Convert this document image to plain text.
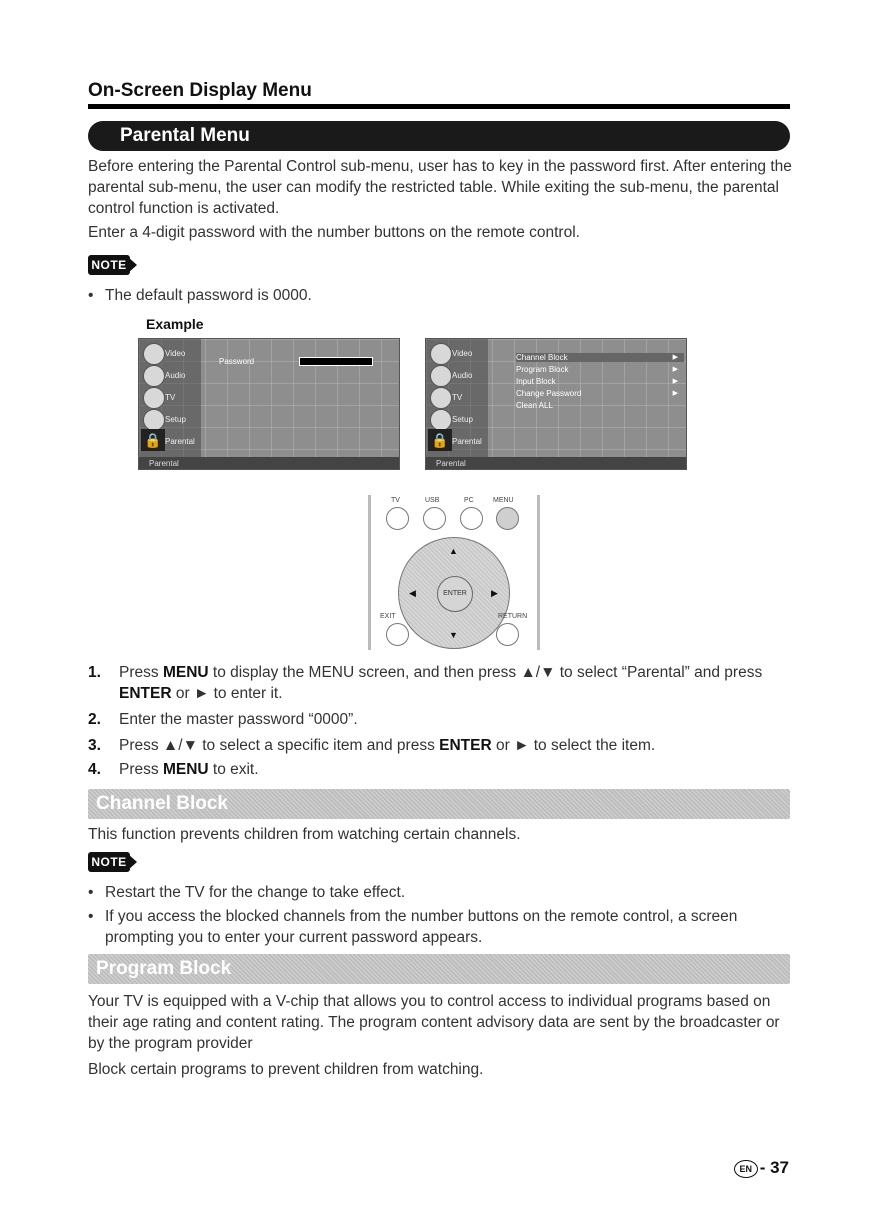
On-Screen Display Menu
Parental Menu
Before entering the Parental Control sub-menu, user has to key in the password first. After entering the parental sub-menu, the user can modify the restricted table. While exiting the sub-menu, the parental control function is activated.
Enter a 4-digit password with the number buttons on the remote control.
NOTE
• The default password is 0000.
Example
Video
Audio
TV
Setup
🔒 Parental
Password
Parental
Video
Audio
TV
Setup
🔒 Parental
Channel Block	▶
Program Block	▶
Input Block	▶
Change Password	▶
Clean ALL
Parental
TV	USB	PC	MENU
▲
▼
◀	▶
ENTER
EXIT	RETURN
1. Press MENU to display the MENU screen, and then press ▲/▼ to select “Parental” and press ENTER or ► to enter it.
2. Enter the master password “0000”.
3. Press ▲/▼ to select a specific item and press ENTER or ► to select the item.
4. Press MENU to exit.
Channel Block
This function prevents children from watching certain channels.
NOTE
• Restart the TV for the change to take effect.
• If you access the blocked channels from the number buttons on the remote control, a screen prompting you to enter your current password appears.
Program Block
Your TV is equipped with a V-chip that allows you to control access to individual programs based on their age rating and content rating. The program content advisory data are sent by the broadcaster or by the program provider
Block certain programs to prevent children from watching.
EN - 37
